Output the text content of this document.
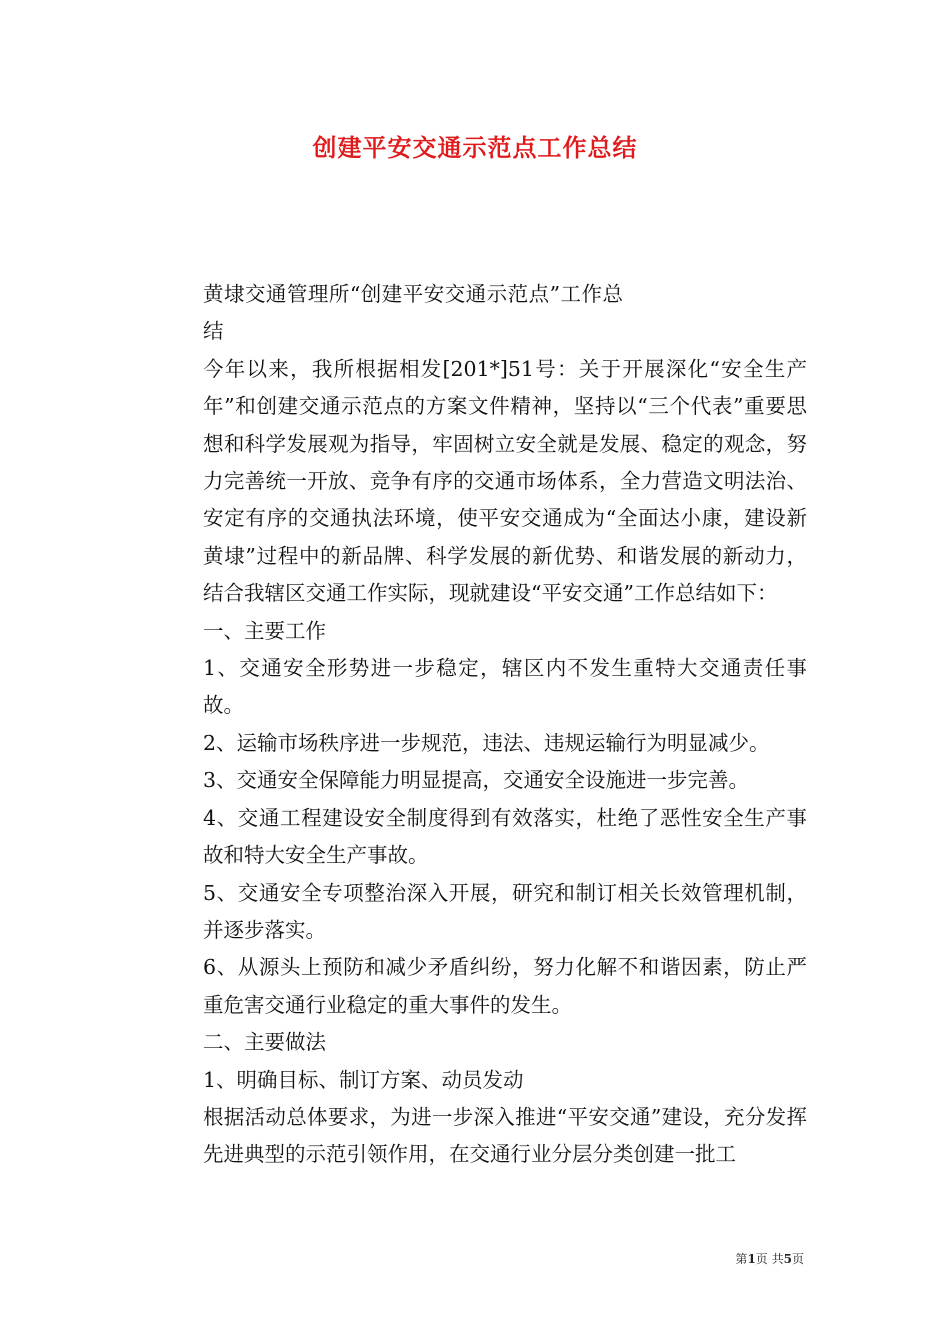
创建平安交通示范点工作总结

黄埭交通管理所“创建平安交通示范点”工作总结

今年以来，我所根据相发[201*]51号：关于开展深化“安全生产年”和创建交通示范点的方案文件精神，坚持以“三个代表”重要思想和科学发展观为指导，牢固树立安全就是发展、稳定的观念，努力完善统一开放、竞争有序的交通市场体系，全力营造文明法治、安定有序的交通执法环境，使平安交通成为“全面达小康，建设新黄埭”过程中的新品牌、科学发展的新优势、和谐发展的新动力，结合我辖区交通工作实际，现就建设“平安交通”工作总结如下：

一、主要工作

1、交通安全形势进一步稳定，辖区内不发生重特大交通责任事故。

2、运输市场秩序进一步规范，违法、违规运输行为明显减少。

3、交通安全保障能力明显提高，交通安全设施进一步完善。

4、交通工程建设安全制度得到有效落实，杜绝了恶性安全生产事故和特大安全生产事故。

5、交通安全专项整治深入开展，研究和制订相关长效管理机制，并逐步落实。

6、从源头上预防和减少矛盾纠纷，努力化解不和谐因素，防止严重危害交通行业稳定的重大事件的发生。

二、主要做法

1、明确目标、制订方案、动员发动

根据活动总体要求，为进一步深入推进“平安交通”建设，充分发挥先进典型的示范引领作用，在交通行业分层分类创建一批工

第1页 共5页
